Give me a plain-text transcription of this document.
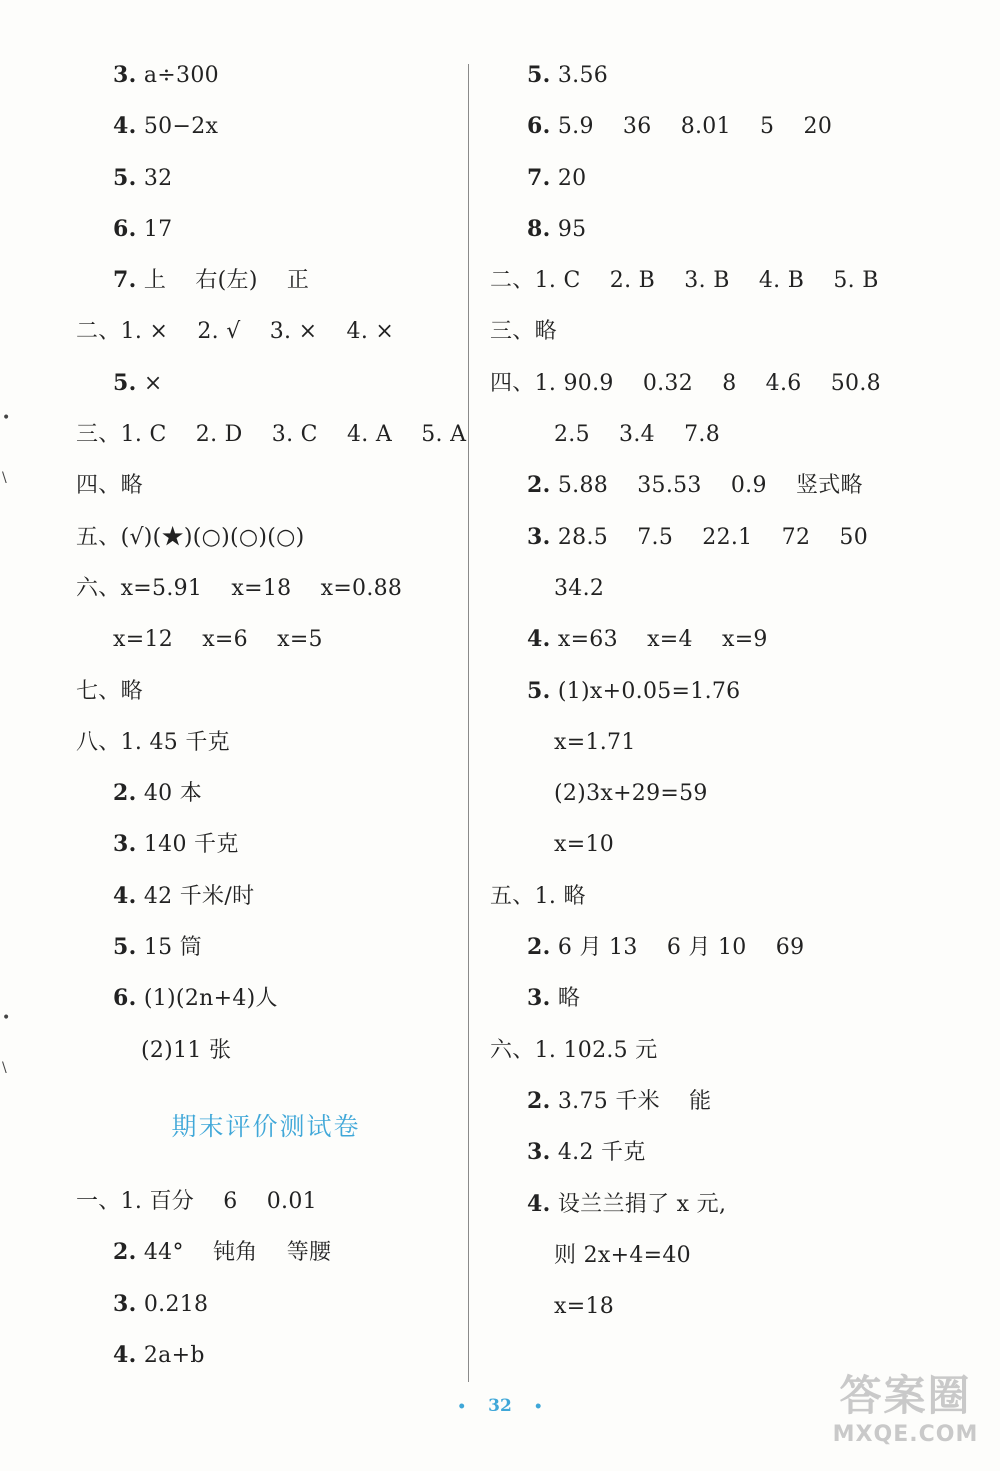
3. a÷300
4. 50−2x
5. 32
6. 17
7. 上    右(左)    正
二、1. ×    2. √    3. ×    4. ×
5. ×
三、1. C    2. D    3. C    4. A    5. A
四、略
五、(√)(★)(○)(○)(○)
六、x=5.91    x=18    x=0.88
x=12    x=6    x=5
七、略
八、1. 45 千克
2. 40 本
3. 140 千克
4. 42 千米/时
5. 15 筒
6. (1)(2n+4)人
(2)11 张
期末评价测试卷
一、1. 百分    6    0.01
2. 44°    钝角    等腰
3. 0.218
4. 2a+b
5. 3.56
6. 5.9    36    8.01    5    20
7. 20
8. 95
二、1. C    2. B    3. B    4. B    5. B
三、略
四、1. 90.9    0.32    8    4.6    50.8
2.5    3.4    7.8
2. 5.88    35.53    0.9    竖式略
3. 28.5    7.5    22.1    72    50
34.2
4. x=63    x=4    x=9
5. (1)x+0.05=1.76
x=1.71
(2)3x+29=59
x=10
五、1. 略
2. 6 月 13    6 月 10    69
3. 略
六、1. 102.5 元
2. 3.75 千米    能
3. 4.2 千克
4. 设兰兰捐了 x 元,
则 2x+4=40
x=18
•
\
•
\
• 32 •	答案圈
MXQE.COM
